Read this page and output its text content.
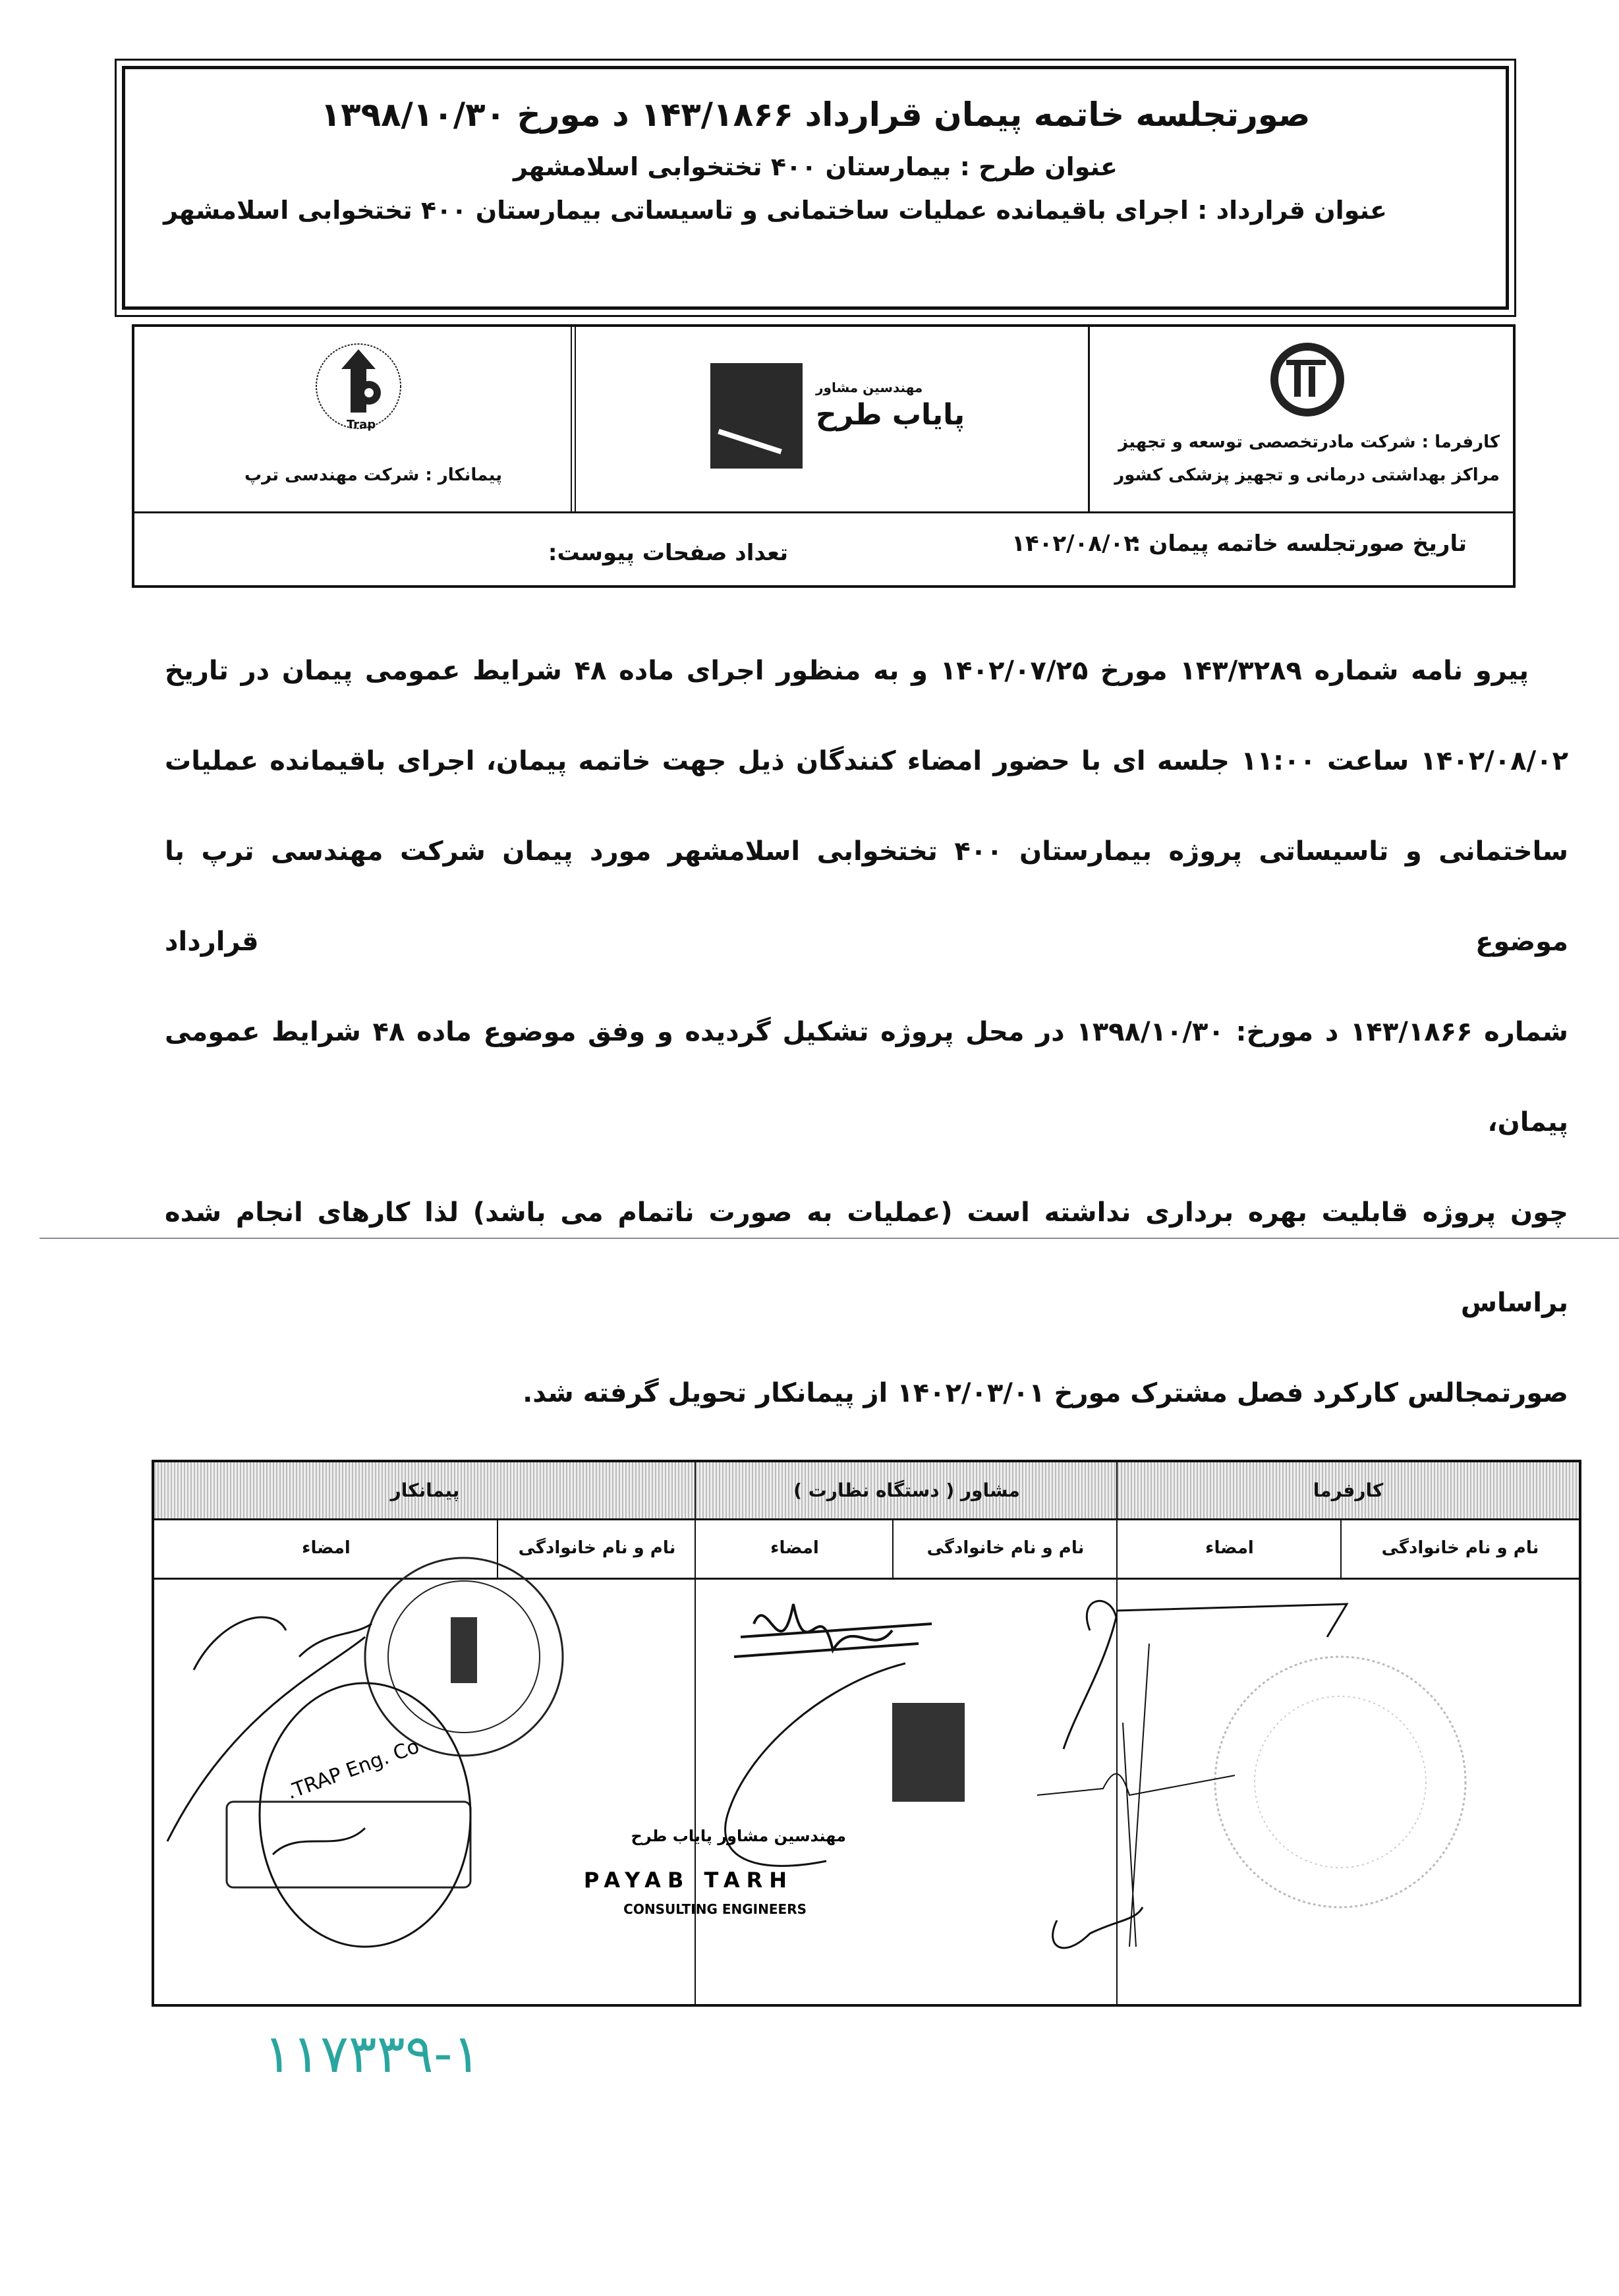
صورتجلسه خاتمه پیمان قرارداد ۱۴۳/۱۸۶۶ د مورخ ۱۳۹۸/۱۰/۳۰
عنوان طرح : بیمارستان ۴۰۰ تختخوابی اسلامشهر
عنوان قرارداد : اجرای باقیمانده عملیات ساختمانی و تاسیساتی بیمارستان ۴۰۰ تختخوابی اسلامشهر
کارفرما : شرکت مادرتخصصی توسعه و تجهیز مراکز بهداشتی درمانی و تجهیز پزشکی کشور
مهندسین مشاور
پایاب طرح
Trap
پیمانکار : شرکت مهندسی ترپ
تاریخ صورتجلسه خاتمه پیمان :
۱۴۰۲/۰۸/۰۲
تعداد صفحات پیوست:

پیرو نامه شماره ۱۴۳/۳۲۸۹ مورخ ۱۴۰۲/۰۷/۲۵ و به منظور اجرای ماده ۴۸ شرایط عمومی پیمان در تاریخ

۱۴۰۲/۰۸/۰۲ ساعت ۱۱:۰۰ جلسه ای با حضور امضاء کنندگان ذیل جهت خاتمه پیمان، اجرای باقیمانده عملیات

ساختمانی و تاسیساتی پروژه بیمارستان ۴۰۰ تختخوابی اسلامشهر مورد پیمان شرکت مهندسی ترپ با موضوع قرارداد

شماره ۱۴۳/۱۸۶۶ د مورخ: ۱۳۹۸/۱۰/۳۰ در محل پروژه تشکیل گردیده و وفق موضوع ماده ۴۸ شرایط عمومی پیمان،

چون پروژه قابلیت بهره برداری نداشته است (عملیات به صورت ناتمام می باشد) لذا کارهای انجام شده براساس

صورتمجالس کارکرد فصل مشترک مورخ ۱۴۰۲/۰۳/۰۱ از پیمانکار تحویل گرفته شد.

کارفرما
مشاور ( دستگاه نظارت )
پیمانکار
نام و نام خانوادگی
امضاء
نام و نام خانوادگی
امضاء
نام و نام خانوادگی
امضاء
TRAP Eng. Co.
مهندسین مشاور پایاب طرح
PAYAB TARH
CONSULTING ENGINEERS
۱۱۷۳۳۹-۱
